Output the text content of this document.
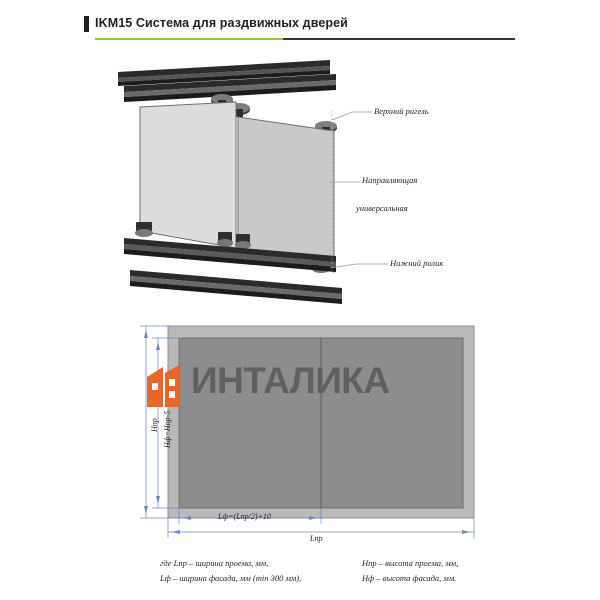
IKM15 Система для раздвижных дверей
Верхний ригель
Направляющая
универсальная
Нижний ролик
Нпр Нф=Нпр-5
Lф=(Lпр/2)+10
Lпр
ИНТАЛИКА
где Lпр – ширина проема, мм,
Lф – ширина фасада, мм (min 300 мм),
Нпр – высота проема, мм,
Нф – высота фасада, мм.
